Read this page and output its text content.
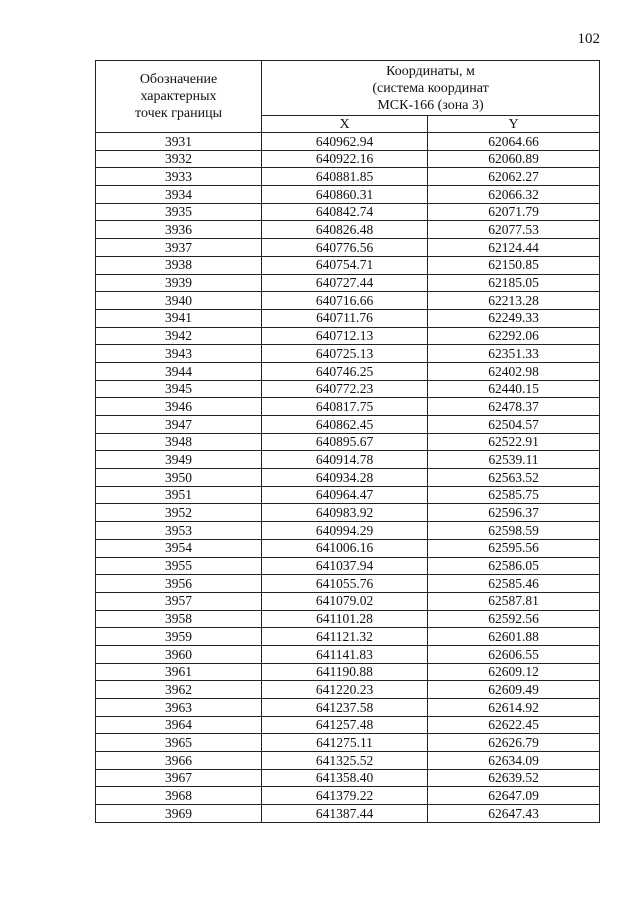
102
Обозначение
характерных
точек границы	Координаты, м
(система координат
МСК-166 (зона 3)	

	X	Y
3931	640962.94	62064.66
3932	640922.16	62060.89
3933	640881.85	62062.27
3934	640860.31	62066.32
3935	640842.74	62071.79
3936	640826.48	62077.53
3937	640776.56	62124.44
3938	640754.71	62150.85
3939	640727.44	62185.05
3940	640716.66	62213.28
3941	640711.76	62249.33
3942	640712.13	62292.06
3943	640725.13	62351.33
3944	640746.25	62402.98
3945	640772.23	62440.15
3946	640817.75	62478.37
3947	640862.45	62504.57
3948	640895.67	62522.91
3949	640914.78	62539.11
3950	640934.28	62563.52
3951	640964.47	62585.75
3952	640983.92	62596.37
3953	640994.29	62598.59
3954	641006.16	62595.56
3955	641037.94	62586.05
3956	641055.76	62585.46
3957	641079.02	62587.81
3958	641101.28	62592.56
3959	641121.32	62601.88
3960	641141.83	62606.55
3961	641190.88	62609.12
3962	641220.23	62609.49
3963	641237.58	62614.92
3964	641257.48	62622.45
3965	641275.11	62626.79
3966	641325.52	62634.09
3967	641358.40	62639.52
3968	641379.22	62647.09
3969	641387.44	62647.43
